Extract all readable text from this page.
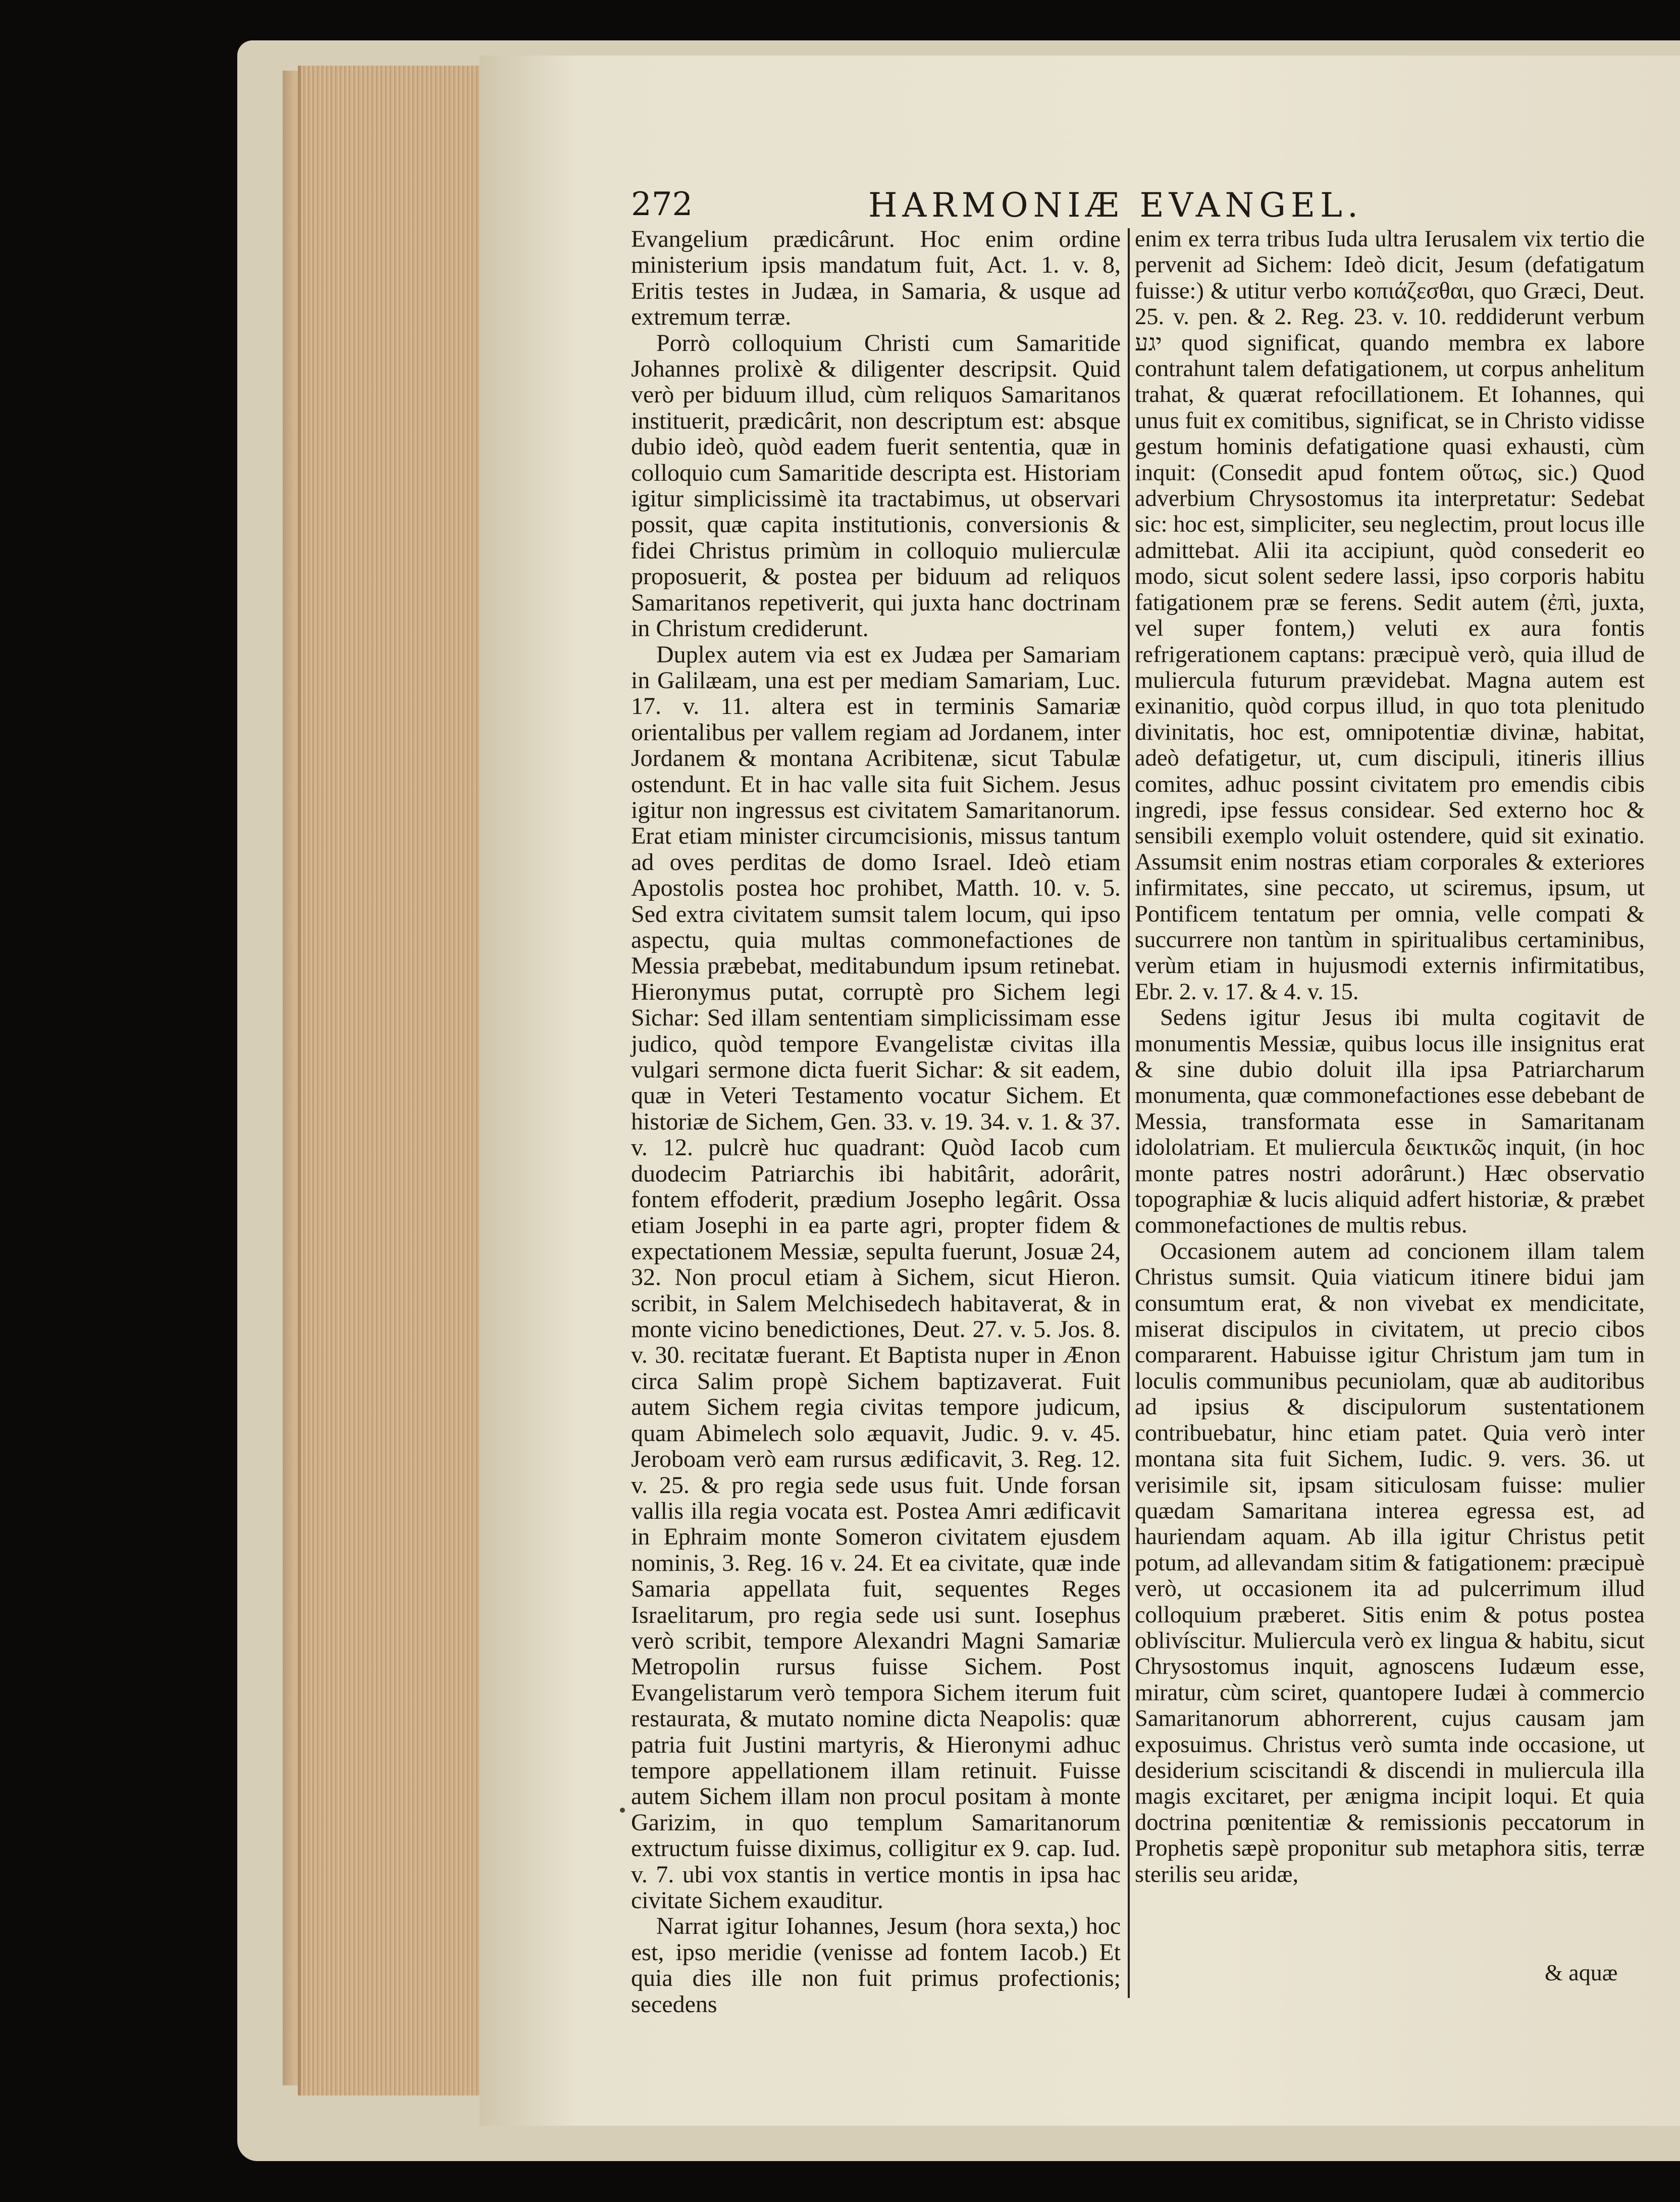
272	HARMONIÆ EVANGEL.

Evangelium prædicârunt. Hoc enim ordine ministerium ipsis mandatum fuit, Act. 1. v. 8, Eritis testes in Judæa, in Samaria, & usque ad extremum terræ.

Porrò colloquium Christi cum Samaritide Johannes prolixè & diligenter descripsit. Quid verò per biduum illud, cùm reliquos Samaritanos instituerit, prædicârit, non descriptum est: absque dubio ideò, quòd eadem fuerit sententia, quæ in colloquio cum Samaritide descripta est. Historiam igitur simplicissimè ita tractabimus, ut observari possit, quæ capita institutionis, conversionis & fidei Christus primùm in colloquio mulierculæ proposuerit, & postea per biduum ad reliquos Samaritanos repetiverit, qui juxta hanc doctrinam in Christum crediderunt.

Duplex autem via est ex Judæa per Samariam in Galilæam, una est per mediam Samariam, Luc. 17. v. 11. altera est in terminis Samariæ orientalibus per vallem regiam ad Jordanem, inter Jordanem & montana Acribitenæ, sicut Tabulæ ostendunt. Et in hac valle sita fuit Sichem. Jesus igitur non ingressus est civitatem Samaritanorum. Erat etiam minister circumcisionis, missus tantum ad oves perditas de domo Israel. Ideò etiam Apostolis postea hoc prohibet, Matth. 10. v. 5. Sed extra civitatem sumsit talem locum, qui ipso aspectu, quia multas commonefactiones de Messia præbebat, meditabundum ipsum retinebat. Hieronymus putat, corruptè pro Sichem legi Sichar: Sed illam sententiam simplicissimam esse judico, quòd tempore Evangelistæ civitas illa vulgari sermone dicta fuerit Sichar: & sit eadem, quæ in Veteri Testamento vocatur Sichem. Et historiæ de Sichem, Gen. 33. v. 19. 34. v. 1. & 37. v. 12. pulcrè huc quadrant: Quòd Iacob cum duodecim Patriarchis ibi habitârit, adorârit, fontem effoderit, prædium Josepho legârit. Ossa etiam Josephi in ea parte agri, propter fidem & expectationem Messiæ, sepulta fuerunt, Josuæ 24, 32. Non procul etiam à Sichem, sicut Hieron. scribit, in Salem Melchisedech habitaverat, & in monte vicino benedictiones, Deut. 27. v. 5. Jos. 8. v. 30. recitatæ fuerant. Et Baptista nuper in Ænon circa Salim propè Sichem baptizaverat. Fuit autem Sichem regia civitas tempore judicum, quam Abimelech solo æquavit, Judic. 9. v. 45. Jeroboam verò eam rursus ædificavit, 3. Reg. 12. v. 25. & pro regia sede usus fuit. Unde forsan vallis illa regia vocata est. Postea Amri ædificavit in Ephraim monte Someron civitatem ejusdem nominis, 3. Reg. 16 v. 24. Et ea civitate, quæ inde Samaria appellata fuit, sequentes Reges Israelitarum, pro regia sede usi sunt. Iosephus verò scribit, tempore Alexandri Magni Samariæ Metropolin rursus fuisse Sichem. Post Evangelistarum verò tempora Sichem iterum fuit restaurata, & mutato nomine dicta Neapolis: quæ patria fuit Justini martyris, & Hieronymi adhuc tempore appellationem illam retinuit. Fuisse autem Sichem illam non procul positam à monte Garizim, in quo templum Samaritanorum extructum fuisse diximus, colligitur ex 9. cap. Iud. v. 7. ubi vox stantis in vertice montis in ipsa hac civitate Sichem exauditur.

Narrat igitur Iohannes, Jesum (hora sexta,) hoc est, ipso meridie (venisse ad fontem Iacob.) Et quia dies ille non fuit primus profectionis; secedens

enim ex terra tribus Iuda ultra Ierusalem vix tertio die pervenit ad Sichem: Ideò dicit, Jesum (defatigatum fuisse:) & utitur verbo κοπιάζεσθαι, quo Græci, Deut. 25. v. pen. & 2. Reg. 23. v. 10. reddiderunt verbum יגע quod significat, quando membra ex labore contrahunt talem defatigationem, ut corpus anhelitum trahat, & quærat refocillationem. Et Iohannes, qui unus fuit ex comitibus, significat, se in Christo vidisse gestum hominis defatigatione quasi exhausti, cùm inquit: (Consedit apud fontem οὕτως, sic.) Quod adverbium Chrysostomus ita interpretatur: Sedebat sic: hoc est, simpliciter, seu neglectim, prout locus ille admittebat. Alii ita accipiunt, quòd consederit eo modo, sicut solent sedere lassi, ipso corporis habitu fatigationem præ se ferens. Sedit autem (ἐπὶ, juxta, vel super fontem,) veluti ex aura fontis refrigerationem captans: præcipuè verò, quia illud de muliercula futurum prævidebat. Magna autem est exinanitio, quòd corpus illud, in quo tota plenitudo divinitatis, hoc est, omnipotentiæ divinæ, habitat, adeò defatigetur, ut, cum discipuli, itineris illius comites, adhuc possint civitatem pro emendis cibis ingredi, ipse fessus considear. Sed externo hoc & sensibili exemplo voluit ostendere, quid sit exinatio. Assumsit enim nostras etiam corporales & exteriores infirmitates, sine peccato, ut sciremus, ipsum, ut Pontificem tentatum per omnia, velle compati & succurrere non tantùm in spiritualibus certaminibus, verùm etiam in hujusmodi externis infirmitatibus, Ebr. 2. v. 17. & 4. v. 15.

Sedens igitur Jesus ibi multa cogitavit de monumentis Messiæ, quibus locus ille insignitus erat & sine dubio doluit illa ipsa Patriarcharum monumenta, quæ commonefactiones esse debebant de Messia, transformata esse in Samaritanam idololatriam. Et muliercula δεικτικῶς inquit, (in hoc monte patres nostri adorârunt.) Hæc observatio topographiæ & lucis aliquid adfert historiæ, & præbet commonefactiones de multis rebus.

Occasionem autem ad concionem illam talem Christus sumsit. Quia viaticum itinere bidui jam consumtum erat, & non vivebat ex mendicitate, miserat discipulos in civitatem, ut precio cibos compararent. Habuisse igitur Christum jam tum in loculis communibus pecuniolam, quæ ab auditoribus ad ipsius & discipulorum sustentationem contribuebatur, hinc etiam patet. Quia verò inter montana sita fuit Sichem, Iudic. 9. vers. 36. ut verisimile sit, ipsam siticulosam fuisse: mulier quædam Samaritana interea egressa est, ad hauriendam aquam. Ab illa igitur Christus petit potum, ad allevandam sitim & fatigationem: præcipuè verò, ut occasionem ita ad pulcerrimum illud colloquium præberet. Sitis enim & potus postea oblivíscitur. Muliercula verò ex lingua & habitu, sicut Chrysostomus inquit, agnoscens Iudæum esse, miratur, cùm sciret, quantopere Iudæi à commercio Samaritanorum abhorrerent, cujus causam jam exposuimus. Christus verò sumta inde occasione, ut desiderium sciscitandi & discendi in muliercula illa magis excitaret, per ænigma incipit loqui. Et quia doctrina pœnitentiæ & remissionis peccatorum in Prophetis sæpè proponitur sub metaphora sitis, terræ sterilis seu aridæ,

& aquæ
